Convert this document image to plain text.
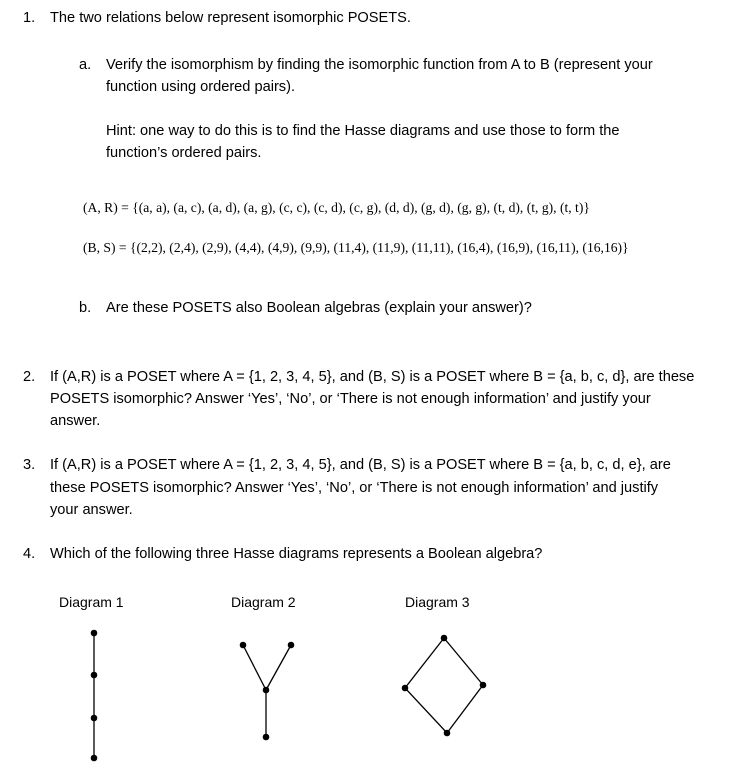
1.	The two relations below represent isomorphic POSETS.
a.	Verify the isomorphism by finding the isomorphic function from A to B (represent your
function using ordered pairs).
Hint: one way to do this is to find the Hasse diagrams and use those to form the
function’s ordered pairs.
(A, R) = {(a, a), (a, c), (a, d), (a, g), (c, c), (c, d), (c, g), (d, d), (g, d), (g, g), (t, d), (t, g), (t, t)}
(B, S) = {(2,2), (2,4), (2,9), (4,4), (4,9), (9,9), (11,4), (11,9), (11,11), (16,4), (16,9), (16,11), (16,16)}
b.	Are these POSETS also Boolean algebras (explain your answer)?
2.	If (A,R) is a POSET where A = {1, 2, 3, 4, 5}, and (B, S) is a POSET where B = {a, b, c, d}, are these
POSETS isomorphic? Answer ‘Yes’, ‘No’, or ‘There is not enough information’ and justify your
answer.
3.	If (A,R) is a POSET where A = {1, 2, 3, 4, 5}, and (B, S) is a POSET where B = {a, b, c, d, e}, are
these POSETS isomorphic? Answer ‘Yes’, ‘No’, or ‘There is not enough information’ and justify
your answer.
4.	Which of the following three Hasse diagrams represents a Boolean algebra?
Diagram 1	Diagram 2	Diagram 3
